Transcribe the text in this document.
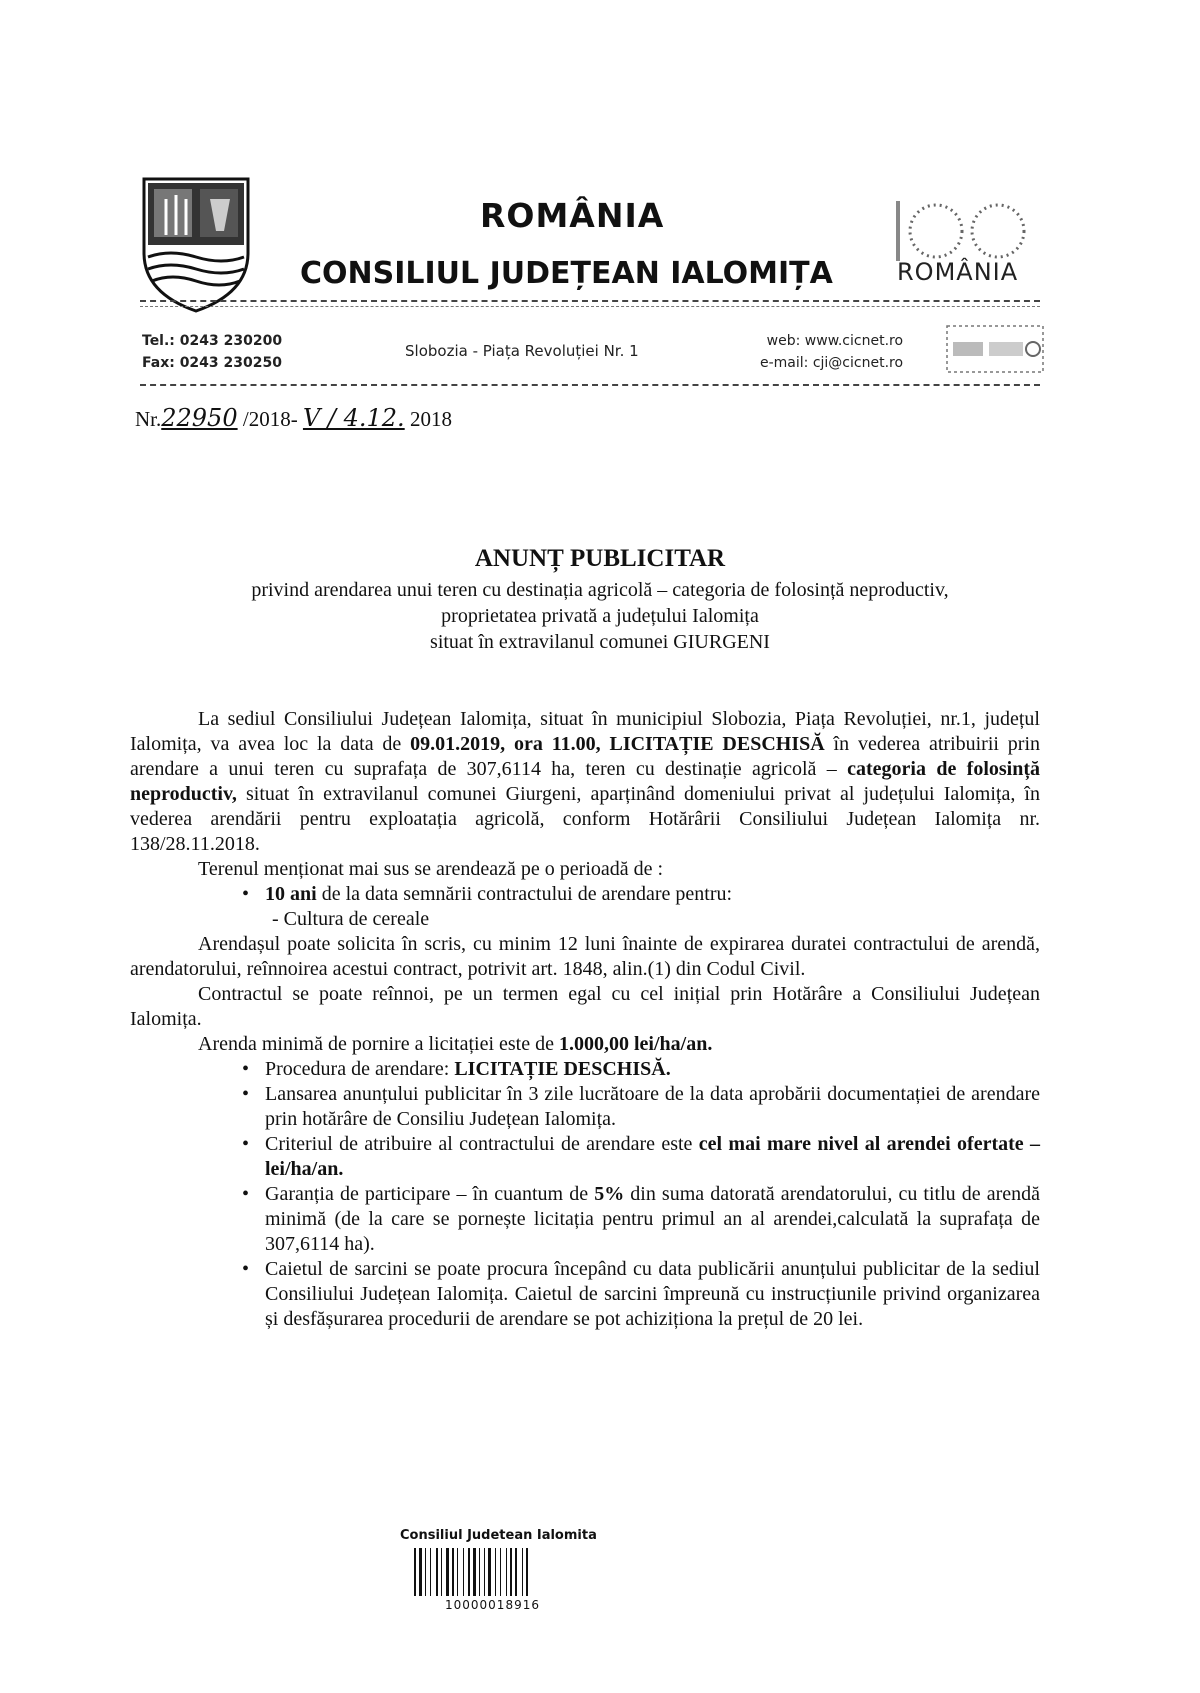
ROMÂNIA
CONSILIUL JUDEȚEAN IALOMIȚA	ROMÂNIA
Tel.: 0243 230200
Fax: 0243 230250
Slobozia - Piața Revoluției Nr. 1
web: www.cicnet.ro
e-mail: cji@cicnet.ro
Nr.22950 /2018- V / 4.12. 2018
ANUNȚ PUBLICITAR
privind arendarea unui teren cu destinația agricolă – categoria de folosință neproductiv,
proprietatea privată a județului Ialomița
situat în extravilanul comunei GIURGENI

La sediul Consiliului Județean Ialomița, situat în municipiul Slobozia, Piața Revoluției, nr.1, județul Ialomița, va avea loc la data de 09.01.2019, ora 11.00, LICITAȚIE DESCHISĂ în vederea atribuirii prin arendare a unui teren cu suprafața de 307,6114 ha, teren cu destinație agricolă – categoria de folosință neproductiv, situat în extravilanul comunei Giurgeni, aparținând domeniului privat al județului Ialomița, în vederea arendării pentru exploatația agricolă, conform Hotărârii Consiliului Județean Ialomița nr. 138/28.11.2018.

Terenul menționat mai sus se arendează pe o perioadă de :

• 10 ani de la data semnării contractului de arendare pentru:

- Cultura de cereale

Arendașul poate solicita în scris, cu minim 12 luni înainte de expirarea duratei contractului de arendă, arendatorului, reînnoirea acestui contract, potrivit art. 1848, alin.(1) din Codul Civil.

Contractul se poate reînnoi, pe un termen egal cu cel inițial prin Hotărâre a Consiliului Județean Ialomița.

Arenda minimă de pornire a licitației este de 1.000,00 lei/ha/an.

• Procedura de arendare: LICITAȚIE DESCHISĂ.
• Lansarea anunțului publicitar în 3 zile lucrătoare de la data aprobării documentației de arendare prin hotărâre de Consiliu Județean Ialomița.
• Criteriul de atribuire al contractului de arendare este cel mai mare nivel al arendei ofertate – lei/ha/an.
• Garanția de participare – în cuantum de 5% din suma datorată arendatorului, cu titlu de arendă minimă (de la care se pornește licitația pentru primul an al arendei,calculată la suprafața de 307,6114 ha).
• Caietul de sarcini se poate procura începând cu data publicării anunțului publicitar de la sediul Consiliului Județean Ialomița. Caietul de sarcini împreună cu instrucțiunile privind organizarea și desfășurarea procedurii de arendare se pot achiziționa la prețul de 20 lei.
Consiliul Judetean Ialomita
10000018916
